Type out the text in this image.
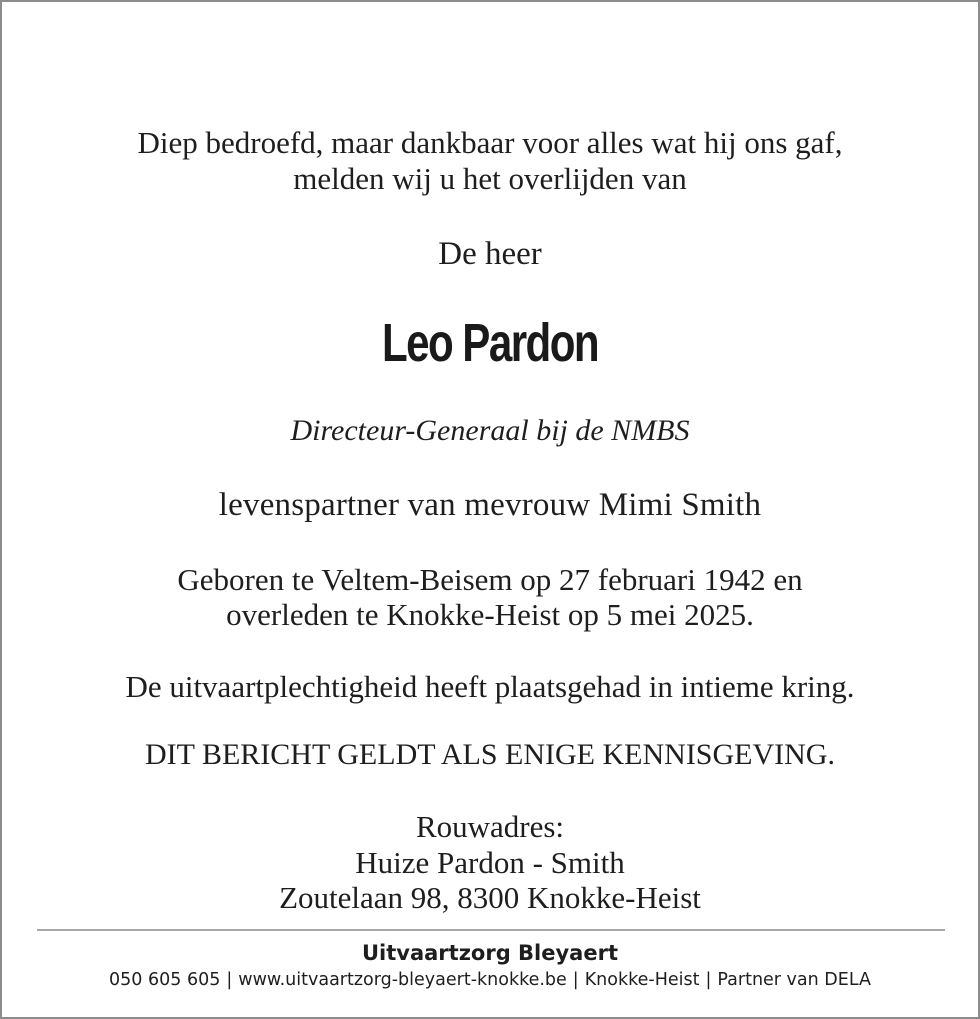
Diep bedroefd, maar dankbaar voor alles wat hij ons gaf,
melden wij u het overlijden van
De heer
Leo Pardon
Directeur-Generaal bij de NMBS
levenspartner van mevrouw Mimi Smith
Geboren te Veltem-Beisem op 27 februari 1942 en
overleden te Knokke-Heist op 5 mei 2025.
De uitvaartplechtigheid heeft plaatsgehad in intieme kring.
DIT BERICHT GELDT ALS ENIGE KENNISGEVING.
Rouwadres:
Huize Pardon - Smith
Zoutelaan 98, 8300 Knokke-Heist
Uitvaartzorg Bleyaert
050 605 605 | www.uitvaartzorg-bleyaert-knokke.be | Knokke-Heist | Partner van DELA
